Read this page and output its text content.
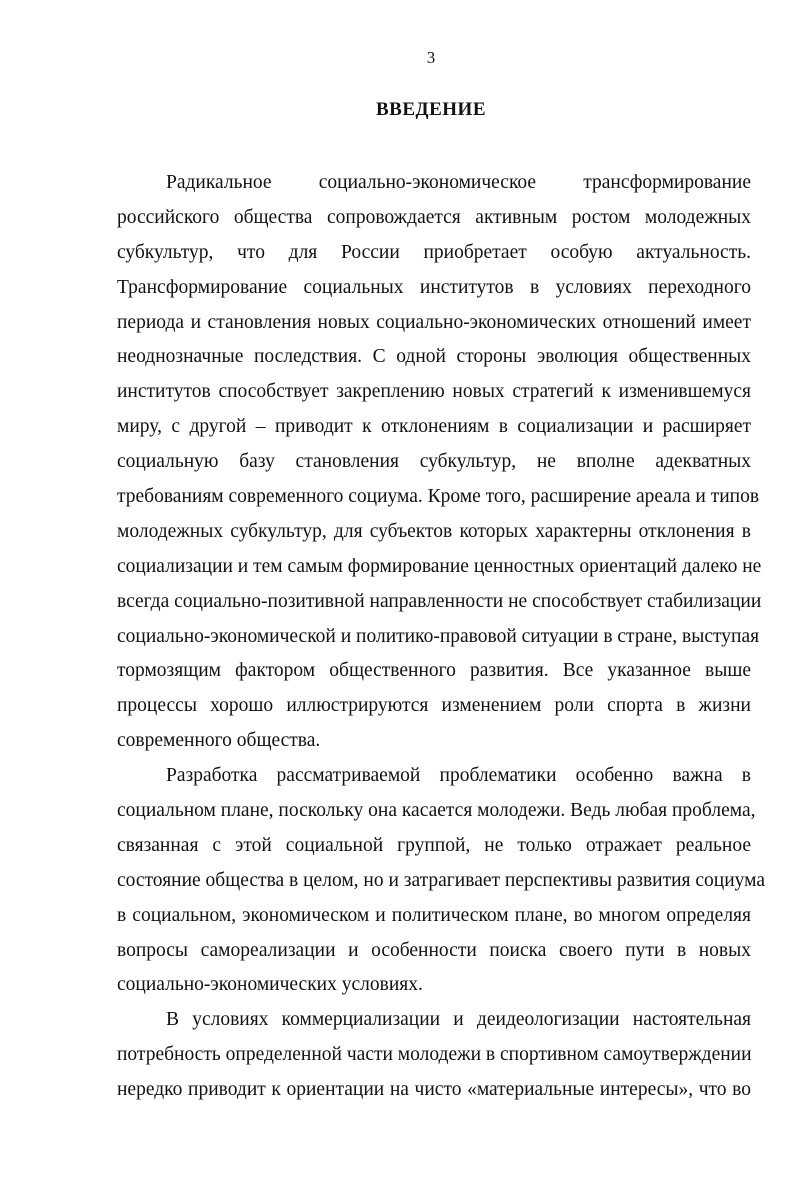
3
ВВЕДЕНИЕ
Радикальное социально-экономическое трансформирование
российского общества сопровождается активным ростом молодежных
субкультур, что для России приобретает особую актуальность.
Трансформирование социальных институтов в условиях переходного
периода и становления новых социально-экономических отношений имеет
неоднозначные последствия. С одной стороны эволюция общественных
институтов способствует закреплению новых стратегий к изменившемуся
миру, с другой – приводит к отклонениям в социализации и расширяет
социальную базу становления субкультур, не вполне адекватных
требованиям современного социума. Кроме того, расширение ареала и типов
молодежных субкультур, для субъектов которых характерны отклонения в
социализации и тем самым формирование ценностных ориентаций далеко не
всегда социально-позитивной направленности не способствует стабилизации
социально-экономической и политико-правовой ситуации в стране, выступая
тормозящим фактором общественного развития. Все указанное выше
процессы хорошо иллюстрируются изменением роли спорта в жизни
современного общества.
Разработка рассматриваемой проблематики особенно важна в
социальном плане, поскольку она касается молодежи. Ведь любая проблема,
связанная с этой социальной группой, не только отражает реальное
состояние общества в целом, но и затрагивает перспективы развития социума
в социальном, экономическом и политическом плане, во многом определяя
вопросы самореализации и особенности поиска своего пути в новых
социально-экономических условиях.
В условиях коммерциализации и деидеологизации настоятельная
потребность определенной части молодежи в спортивном самоутверждении
нередко приводит к ориентации на чисто «материальные интересы», что во
